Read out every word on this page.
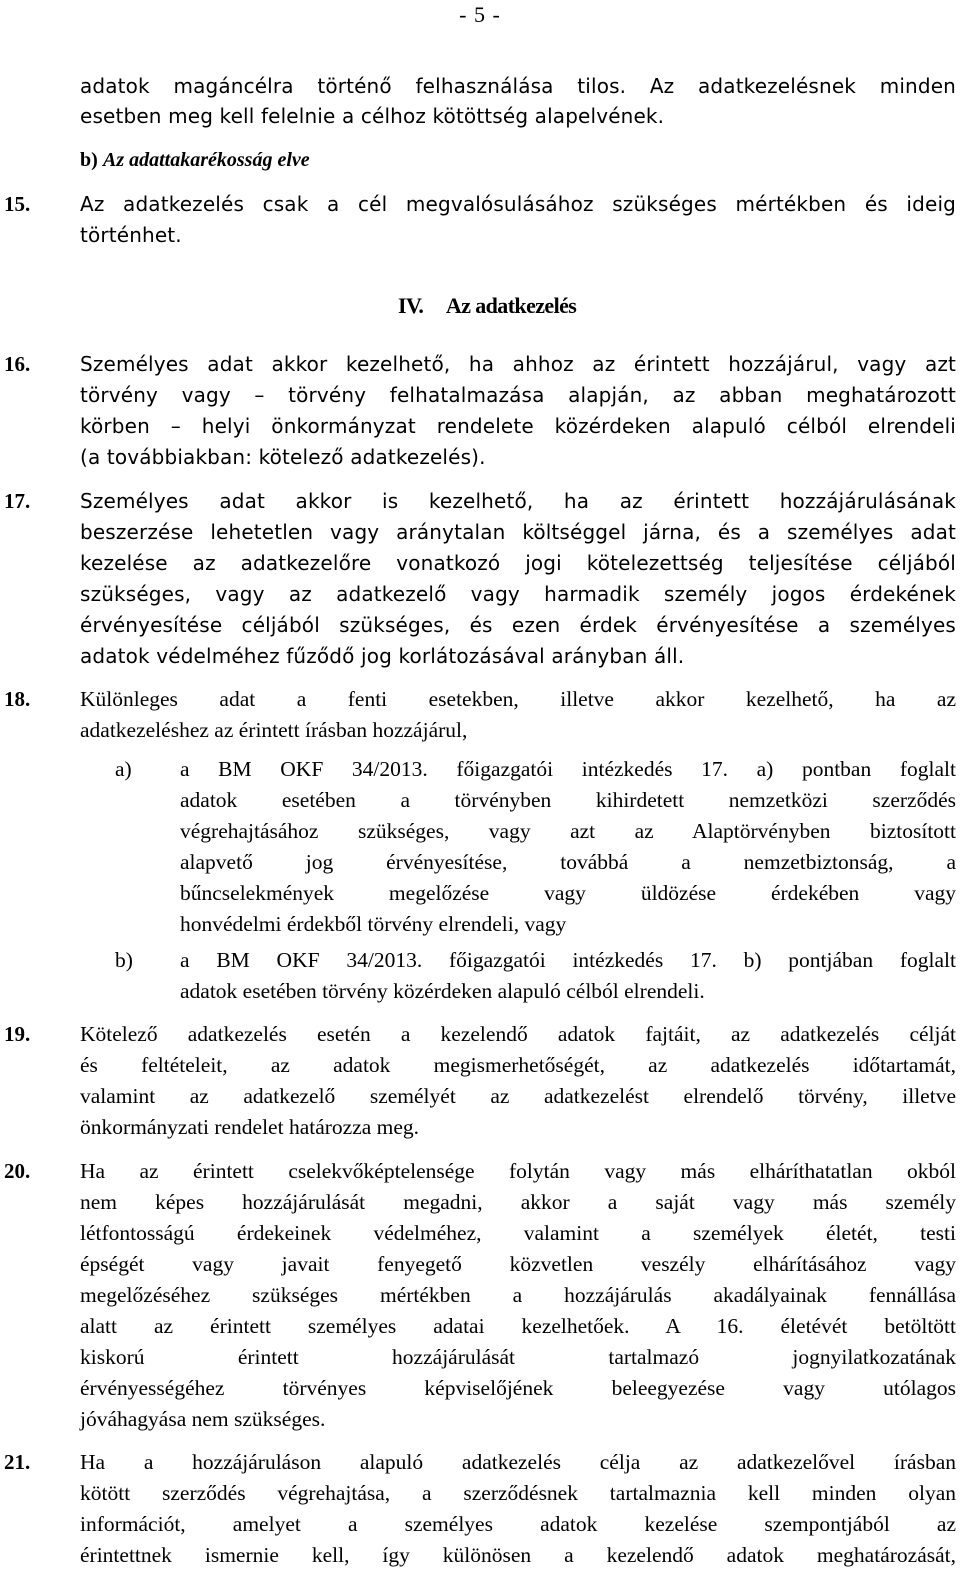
- 5 -
adatok magáncélra történő felhasználása tilos. Az adatkezelésnek minden
esetben meg kell felelnie a célhoz kötöttség alapelvének.
b) Az adattakarékosság elve
15. Az adatkezelés csak a cél megvalósulásához szükséges mértékben és ideig
történhet.
IV. Az adatkezelés
16. Személyes adat akkor kezelhető, ha ahhoz az érintett hozzájárul, vagy azt
törvény vagy – törvény felhatalmazása alapján, az abban meghatározott
körben – helyi önkormányzat rendelete közérdeken alapuló célból elrendeli
(a továbbiakban: kötelező adatkezelés).
17. Személyes adat akkor is kezelhető, ha az érintett hozzájárulásának
beszerzése lehetetlen vagy aránytalan költséggel járna, és a személyes adat
kezelése az adatkezelőre vonatkozó jogi kötelezettség teljesítése céljából
szükséges, vagy az adatkezelő vagy harmadik személy jogos érdekének
érvényesítése céljából szükséges, és ezen érdek érvényesítése a személyes
adatok védelméhez fűződő jog korlátozásával arányban áll.
18. Különleges adat a fenti esetekben, illetve akkor kezelhető, ha az
adatkezeléshez az érintett írásban hozzájárul,
a) a BM OKF 34/2013. főigazgatói intézkedés 17. a) pontban foglalt
adatok esetében a törvényben kihirdetett nemzetközi szerződés
végrehajtásához szükséges, vagy azt az Alaptörvényben biztosított
alapvető jog érvényesítése, továbbá a nemzetbiztonság, a
bűncselekmények megelőzése vagy üldözése érdekében vagy
honvédelmi érdekből törvény elrendeli, vagy
b) a BM OKF 34/2013. főigazgatói intézkedés 17. b) pontjában foglalt
adatok esetében törvény közérdeken alapuló célból elrendeli.
19. Kötelező adatkezelés esetén a kezelendő adatok fajtáit, az adatkezelés célját
és feltételeit, az adatok megismerhetőségét, az adatkezelés időtartamát,
valamint az adatkezelő személyét az adatkezelést elrendelő törvény, illetve
önkormányzati rendelet határozza meg.
20. Ha az érintett cselekvőképtelensége folytán vagy más elháríthatatlan okból
nem képes hozzájárulását megadni, akkor a saját vagy más személy
létfontosságú érdekeinek védelméhez, valamint a személyek életét, testi
épségét vagy javait fenyegető közvetlen veszély elhárításához vagy
megelőzéséhez szükséges mértékben a hozzájárulás akadályainak fennállása
alatt az érintett személyes adatai kezelhetőek. A 16. életévét betöltött
kiskorú érintett hozzájárulását tartalmazó jognyilatkozatának
érvényességéhez törvényes képviselőjének beleegyezése vagy utólagos
jóváhagyása nem szükséges.
21. Ha a hozzájáruláson alapuló adatkezelés célja az adatkezelővel írásban
kötött szerződés végrehajtása, a szerződésnek tartalmaznia kell minden olyan
információt, amelyet a személyes adatok kezelése szempontjából az
érintettnek ismernie kell, így különösen a kezelendő adatok meghatározását,
